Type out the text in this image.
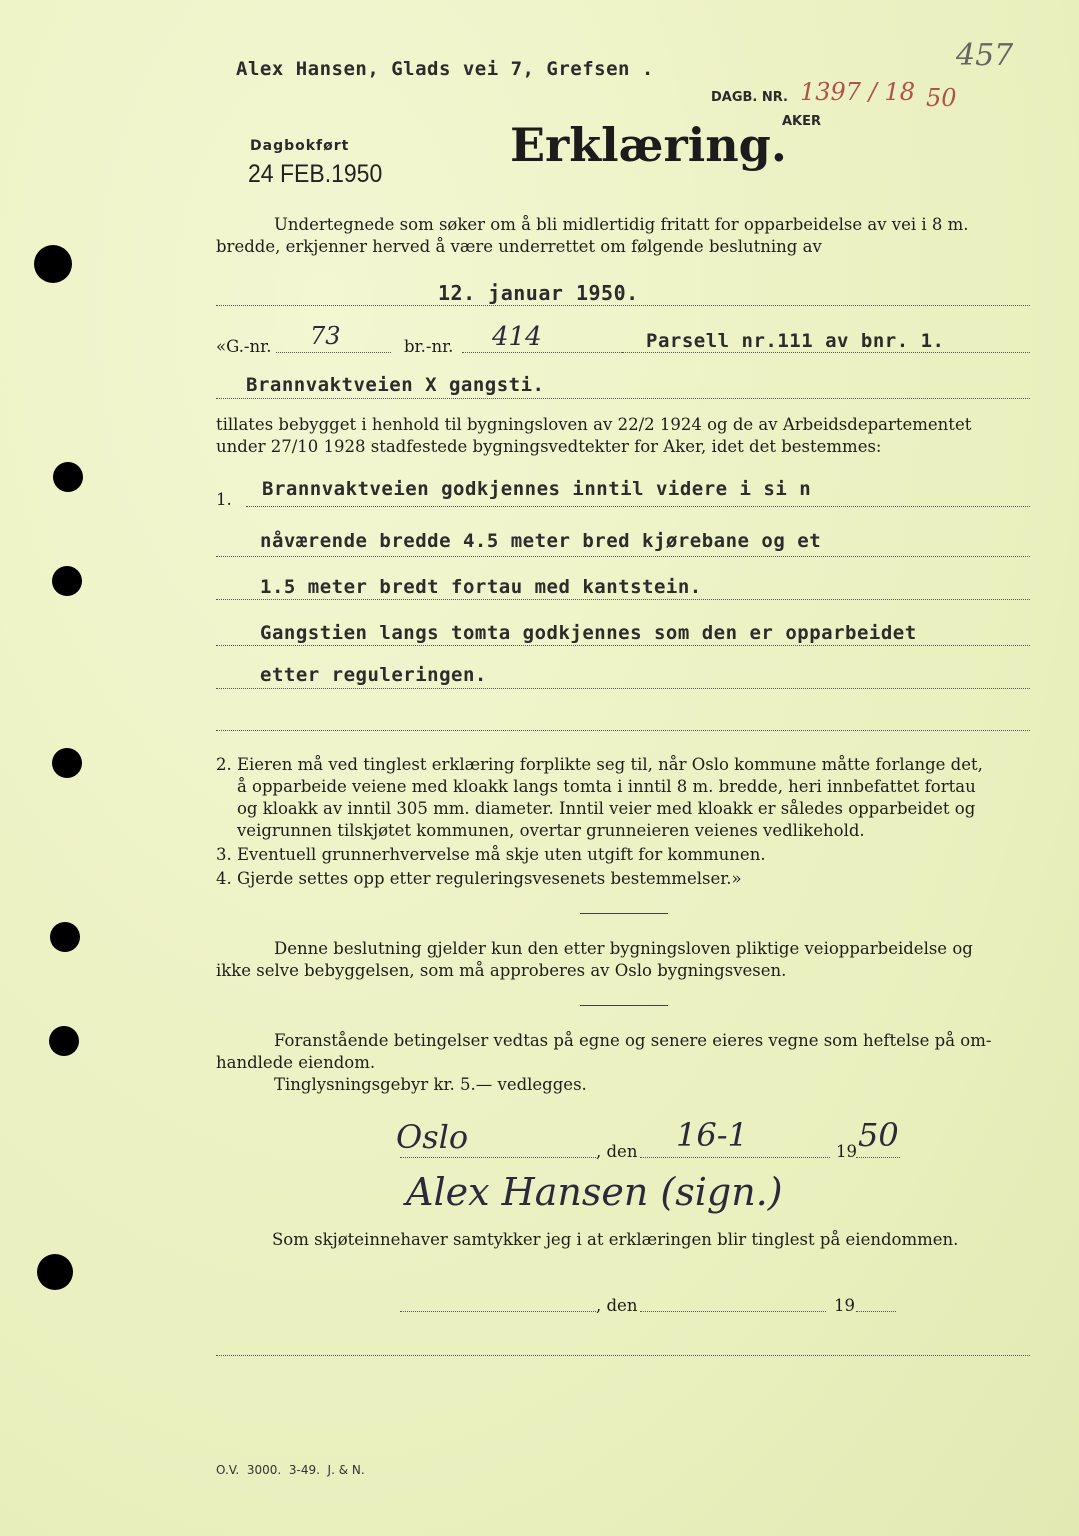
Alex Hansen, Glads vei 7, Grefsen .
DAGB. NR. 1397 / 18 50
AKER
457
Dagbokført
24 FEB.1950
Erklæring.
Undertegnede som søker om å bli midlertidig fritatt for opparbeidelse av vei i 8 m.
bredde, erkjenner herved å være underrettet om følgende beslutning av
12. januar 1950.
«G.-nr. 73	br.-nr. 414	Parsell nr.111 av bnr. 1.
Brannvaktveien X gangsti.
tillates bebygget i henhold til bygningsloven av 22/2 1924 og de av Arbeidsdepartementet
under 27/10 1928 stadfestede bygningsvedtekter for Aker, idet det bestemmes:
1. Brannvaktveien godkjennes inntil videre i si n
nåværende bredde 4.5 meter bred kjørebane og et
1.5 meter bredt fortau med kantstein.
Gangstien langs tomta godkjennes som den er opparbeidet
etter reguleringen.
2. Eieren må ved tinglest erklæring forplikte seg til, når Oslo kommune måtte forlange det,
å opparbeide veiene med kloakk langs tomta i inntil 8 m. bredde, heri innbefattet fortau
og kloakk av inntil 305 mm. diameter. Inntil veier med kloakk er således opparbeidet og
veigrunnen tilskjøtet kommunen, overtar grunneieren veienes vedlikehold.
3. Eventuell grunnerhvervelse må skje uten utgift for kommunen.
4. Gjerde settes opp etter reguleringsvesenets bestemmelser.»
Denne beslutning gjelder kun den etter bygningsloven pliktige veiopparbeidelse og
ikke selve bebyggelsen, som må approberes av Oslo bygningsvesen.
Foranstående betingelser vedtas på egne og senere eieres vegne som heftelse på om-
handlede eiendom.
Tinglysningsgebyr kr. 5.— vedlegges.
Oslo	, den 16-1	19 50
Alex Hansen (sign.)
Som skjøteinnehaver samtykker jeg i at erklæringen blir tinglest på eiendommen.
, den	19
O.V.  3000.  3-49.  J. & N.
